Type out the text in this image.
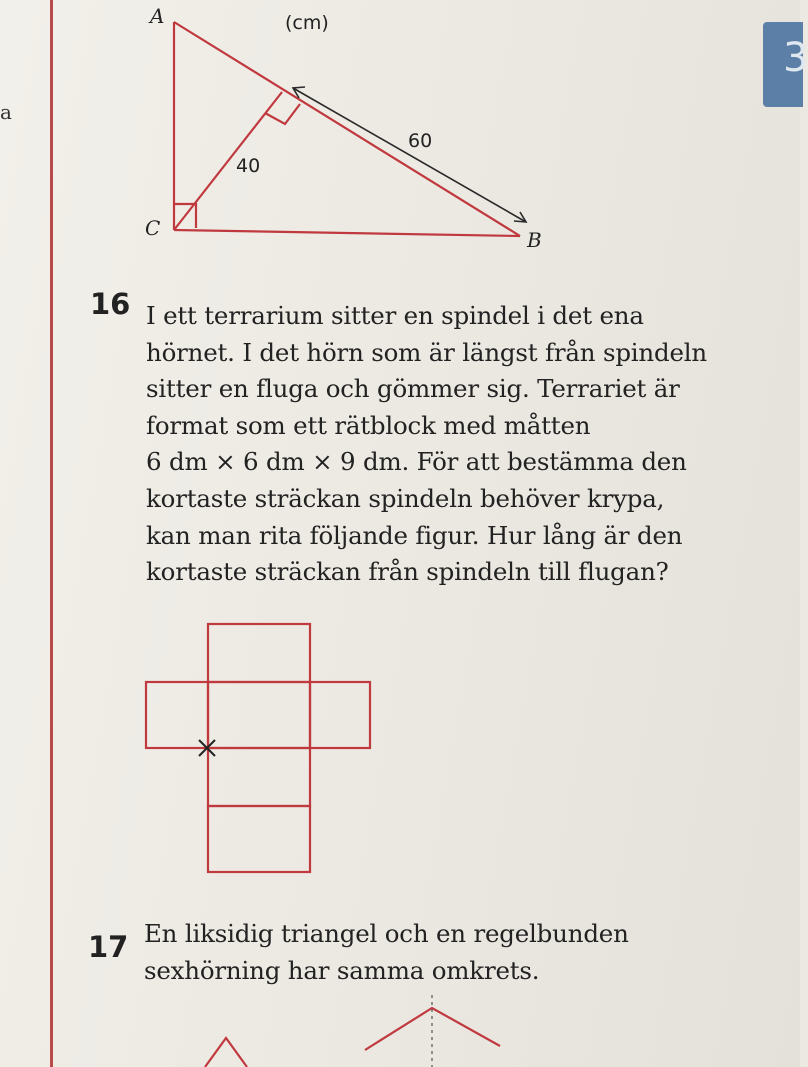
3
a
A
B
C
40
60
(cm)
16 I ett terrarium sitter en spindel i det ena
hörnet. I det hörn som är längst från spindeln
sitter en fluga och gömmer sig. Terrariet är
format som ett rätblock med måtten
6 dm × 6 dm × 9 dm. För att bestämma den
kortaste sträckan spindeln behöver krypa,
kan man rita följande figur. Hur lång är den
kortaste sträckan från spindeln till flugan?
17 En liksidig triangel och en regelbunden
sexhörning har samma omkrets.
